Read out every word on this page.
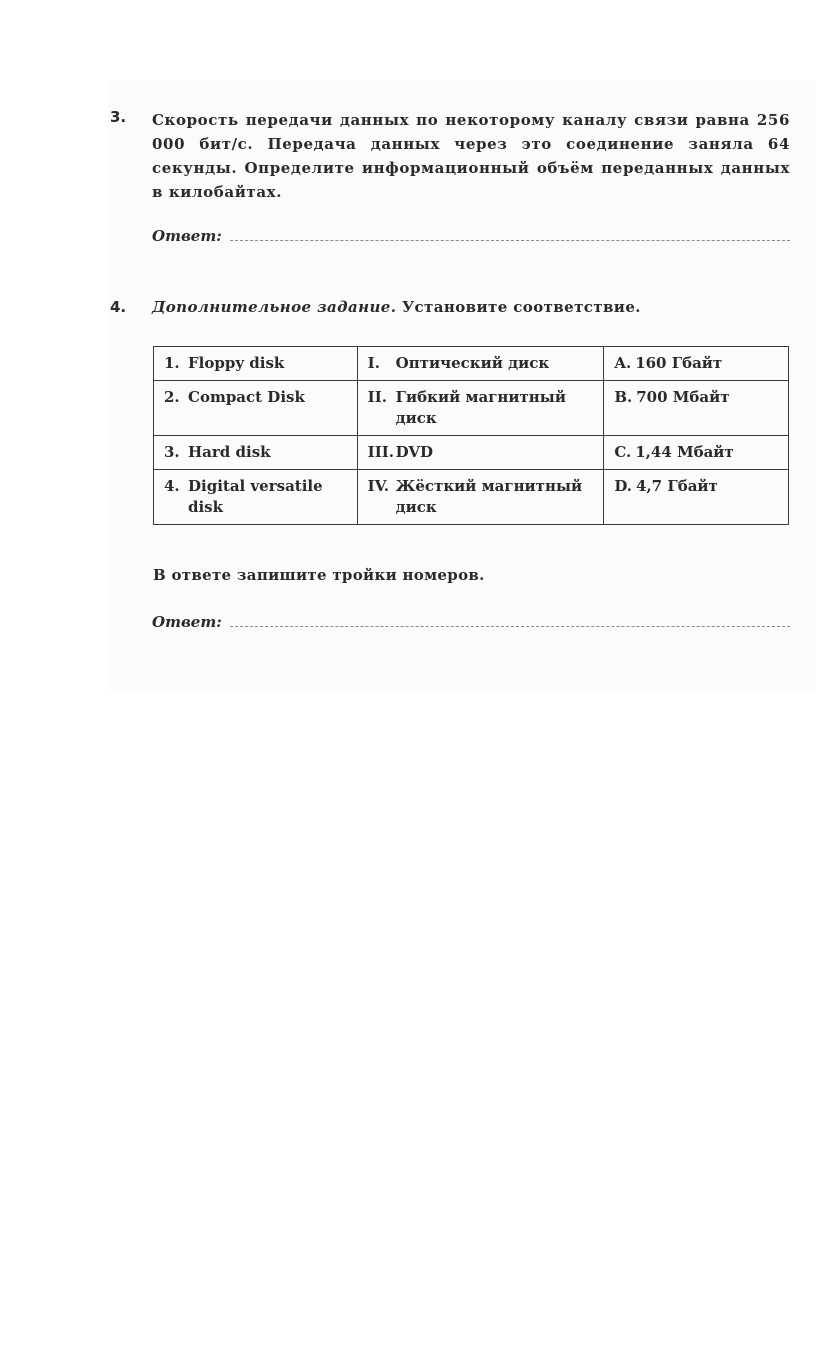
3. Скорость передачи данных по некоторому каналу связи равна 256 000 бит/с. Передача данных через это соединение заняла 64 секунды. Определите информационный объём переданных данных в килобайтах.
Ответ:
4. Дополнительное задание. Установите соответствие.
1. Floppy disk	I. Оптический диск	A. 160 Гбайт

2. Compact Disk	II. Гибкий магнитный диск	B. 700 Мбайт

3. Hard disk	III. DVD	C. 1,44 Мбайт

4. Digital versatile disk	IV. Жёсткий магнитный диск	D. 4,7 Гбайт
В ответе запишите тройки номеров.
Ответ:
